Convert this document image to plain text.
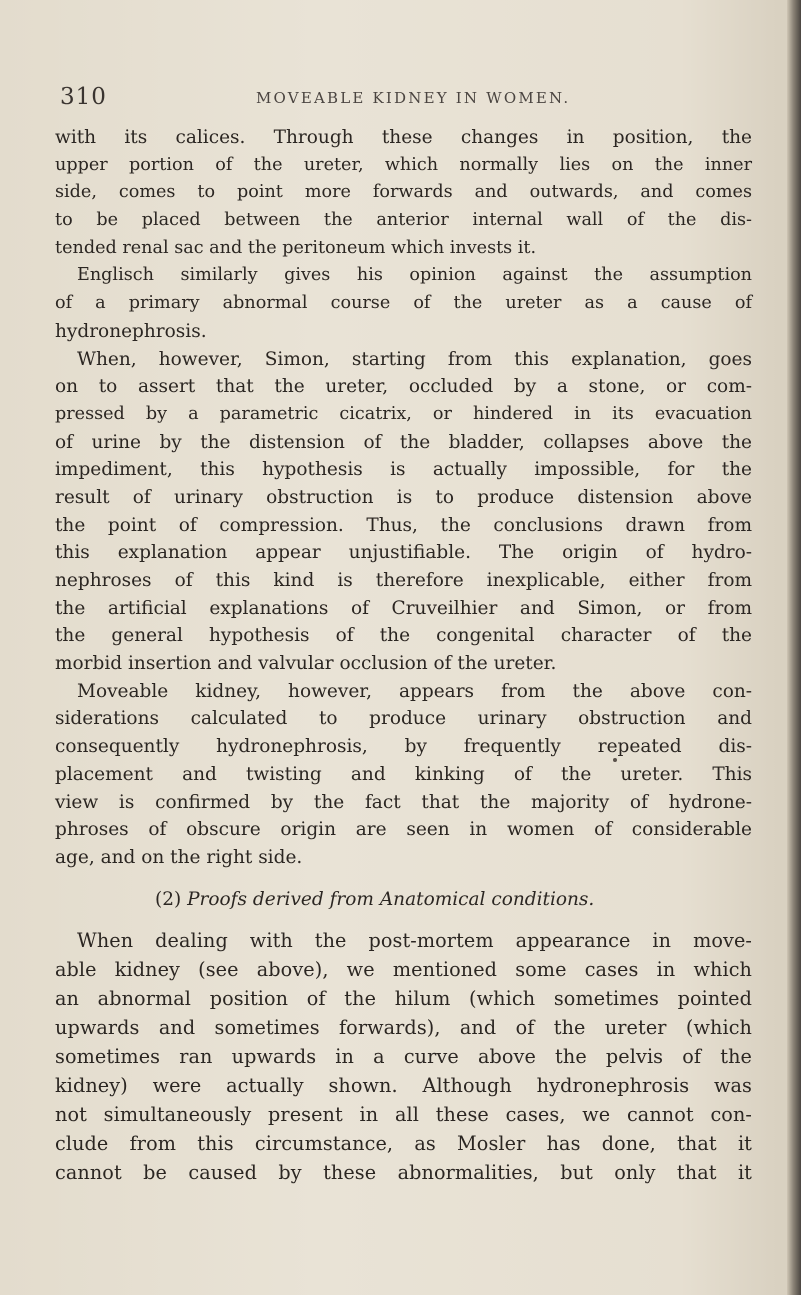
310	MOVEABLE KIDNEY IN WOMEN.
with its calices. Through these changes in position, the
upper portion of the ureter, which normally lies on the inner
side, comes to point more forwards and outwards, and comes
to be placed between the anterior internal wall of the dis-
tended renal sac and the peritoneum which invests it.
Englisch similarly gives his opinion against the assumption
of a primary abnormal course of the ureter as a cause of
hydronephrosis.
When, however, Simon, starting from this explanation, goes
on to assert that the ureter, occluded by a stone, or com-
pressed by a parametric cicatrix, or hindered in its evacuation
of urine by the distension of the bladder, collapses above the
impediment, this hypothesis is actually impossible, for the
result of urinary obstruction is to produce distension above
the point of compression. Thus, the conclusions drawn from
this explanation appear unjustifiable. The origin of hydro-
nephroses of this kind is therefore inexplicable, either from
the artificial explanations of Cruveilhier and Simon, or from
the general hypothesis of the congenital character of the
morbid insertion and valvular occlusion of the ureter.
Moveable kidney, however, appears from the above con-
siderations calculated to produce urinary obstruction and
consequently hydronephrosis, by frequently repeated dis-
placement and twisting and kinking of the ureter. This
view is confirmed by the fact that the majority of hydrone-
phroses of obscure origin are seen in women of considerable
age, and on the right side.
(2) Proofs derived from Anatomical conditions.
When dealing with the post-mortem appearance in move-
able kidney (see above), we mentioned some cases in which
an abnormal position of the hilum (which sometimes pointed
upwards and sometimes forwards), and of the ureter (which
sometimes ran upwards in a curve above the pelvis of the
kidney) were actually shown. Although hydronephrosis was
not simultaneously present in all these cases, we cannot con-
clude from this circumstance, as Mosler has done, that it
cannot be caused by these abnormalities, but only that it
